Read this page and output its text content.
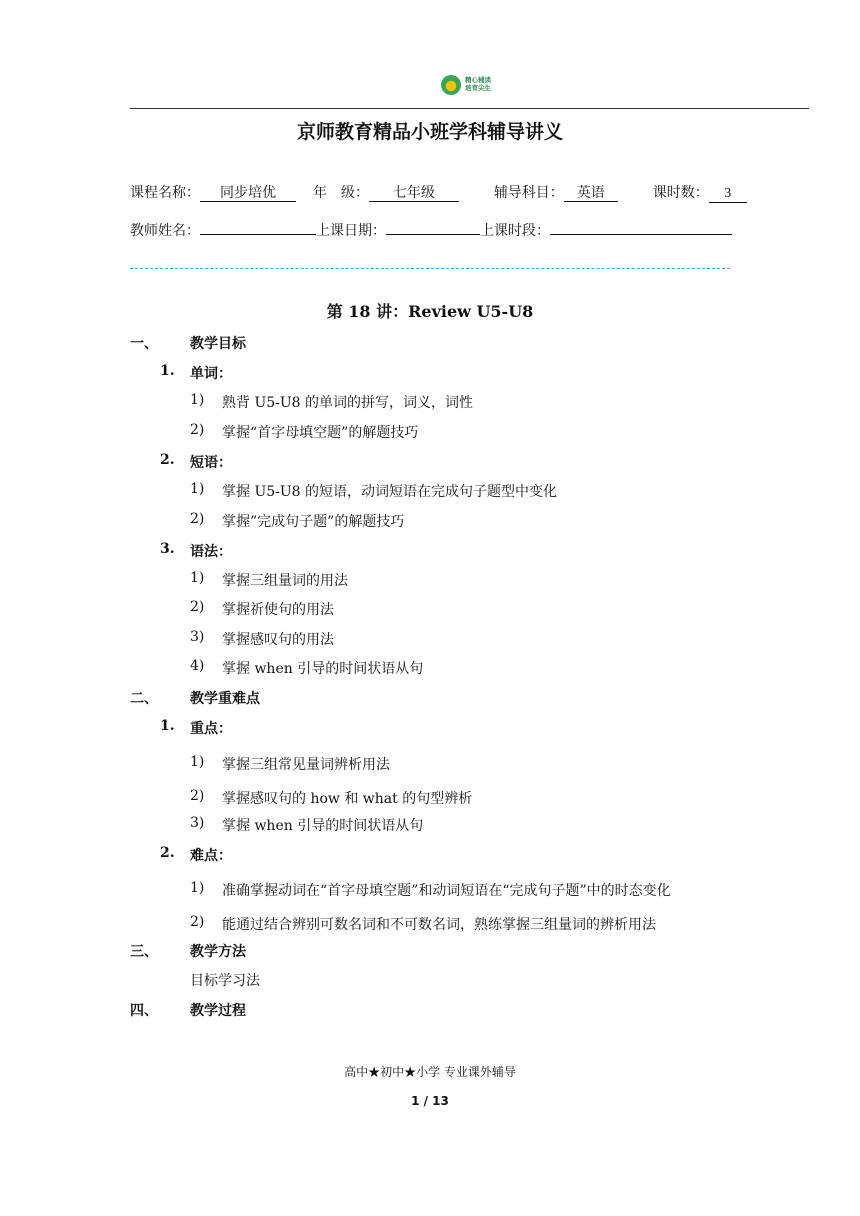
精心辅读
培育尖生
京师教育精品小班学科辅导讲义
课程名称： 同步培优	年　级： 七年级	辅导科目： 英语	课时数： 3
教师姓名：	上课日期：	上课时段：
第 18 讲：Review U5-U8
一、 教学目标
1. 单词：
1) 熟背 U5-U8 的单词的拼写，词义，词性
2) 掌握“首字母填空题”的解题技巧
2. 短语：
1) 掌握 U5-U8 的短语，动词短语在完成句子题型中变化
2) 掌握”完成句子题”的解题技巧
3. 语法：
1) 掌握三组量词的用法
2) 掌握祈使句的用法
3) 掌握感叹句的用法
4) 掌握 when 引导的时间状语从句
二、 教学重难点
1. 重点：
1) 掌握三组常见量词辨析用法
2) 掌握感叹句的 how 和 what 的句型辨析
3) 掌握 when 引导的时间状语从句
2. 难点：
1) 准确掌握动词在“首字母填空题”和动词短语在“完成句子题”中的时态变化
2) 能通过结合辨别可数名词和不可数名词，熟练掌握三组量词的辨析用法
三、 教学方法
目标学习法
四、 教学过程
高中★初中★小学 专业课外辅导
1 / 13
